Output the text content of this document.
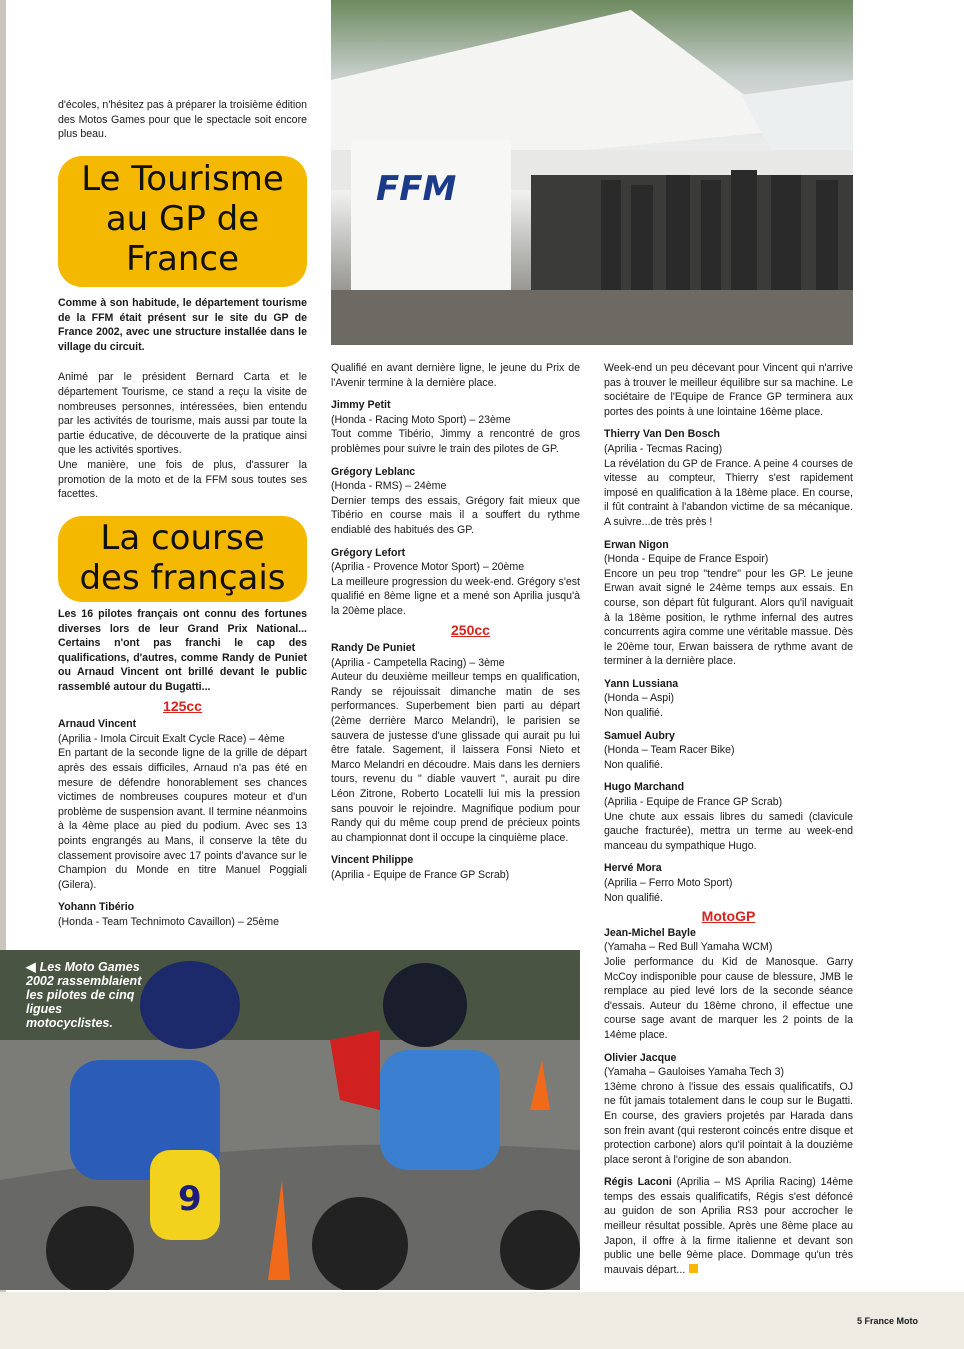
FFM

d'écoles, n'hésitez pas à préparer la troisième édition des Motos Games pour que le spectacle soit encore plus beau.

Le Tourisme
au GP de
France

Comme à son habitude, le département tourisme de la FFM était présent sur le site du GP de France 2002, avec une structure installée dans le village du circuit.

Animé par le président Bernard Carta et le département Tourisme, ce stand a reçu la visite de nombreuses personnes, intéressées, bien entendu par les activités de tourisme, mais aussi par toute la partie éducative, de découverte de la pratique ainsi que les activités sportives.

Une manière, une fois de plus, d'assurer la promotion de la moto et de la FFM sous toutes ses facettes.

La course
des français

Les 16 pilotes français ont connu des fortunes diverses lors de leur Grand Prix National... Certains n'ont pas franchi le cap des qualifications, d'autres, comme Randy de Puniet ou Arnaud Vincent ont brillé devant le public rassemblé autour du Bugatti...

125cc

Arnaud Vincent
(Aprilia - Imola Circuit Exalt Cycle Race) – 4ème
En partant de la seconde ligne de la grille de départ après des essais difficiles, Arnaud n'a pas été en mesure de défendre honorablement ses chances victimes de nombreuses coupures moteur et d'un problème de suspension avant. Il termine néanmoins à la 4ème place au pied du podium. Avec ses 13 points engrangés au Mans, il conserve la tête du classement provisoire avec 17 points d'avance sur le Champion du Monde en titre Manuel Poggiali (Gilera).

Yohann Tibério
(Honda - Team Technimoto Cavaillon) – 25ème

Qualifié en avant dernière ligne, le jeune du Prix de l'Avenir termine à la dernière place.

Jimmy Petit
(Honda - Racing Moto Sport) – 23ème
Tout comme Tibério, Jimmy a rencontré de gros problèmes pour suivre le train des pilotes de GP.

Grégory Leblanc
(Honda - RMS) – 24ème
Dernier temps des essais, Grégory fait mieux que Tibério en course mais il a souffert du rythme endiablé des habitués des GP.

Grégory Lefort
(Aprilia - Provence Motor Sport) – 20ème
La meilleure progression du week-end. Grégory s'est qualifié en 8ème ligne et a mené son Aprilia jusqu'à la 20ème place.

250cc

Randy De Puniet
(Aprilia - Campetella Racing) – 3ème
Auteur du deuxième meilleur temps en qualification, Randy se réjouissait dimanche matin de ses performances. Superbement bien parti au départ (2ème derrière Marco Melandri), le parisien se sauvera de justesse d'une glissade qui aurait pu lui être fatale. Sagement, il laissera Fonsi Nieto et Marco Melandri en découdre. Mais dans les derniers tours, revenu du " diable vauvert ", aurait pu dire Léon Zitrone, Roberto Locatelli lui mis la pression sans pouvoir le rejoindre. Magnifique podium pour Randy qui du même coup prend de précieux points au championnat dont il occupe la cinquième place.

Vincent Philippe
(Aprilia - Equipe de France GP Scrab)

Week-end un peu décevant pour Vincent qui n'arrive pas à trouver le meilleur équilibre sur sa machine. Le sociétaire de l'Equipe de France GP terminera aux portes des points à une lointaine 16ème place.

Thierry Van Den Bosch
(Aprilia - Tecmas Racing)
La révélation du GP de France. A peine 4 courses de vitesse au compteur, Thierry s'est rapidement imposé en qualification à la 18ème place. En course, il fût contraint à l'abandon victime de sa mécanique. A suivre...de très près !

Erwan Nigon
(Honda - Equipe de France Espoir)
Encore un peu trop "tendre" pour les GP. Le jeune Erwan avait signé le 24ème temps aux essais. En course, son départ fût fulgurant. Alors qu'il naviguait à la 18ème position, le rythme infernal des autres concurrents agira comme une véritable massue. Dès le 20ème tour, Erwan baissera de rythme avant de terminer à la dernière place.

Yann Lussiana
(Honda – Aspi)
Non qualifié.

Samuel Aubry
(Honda – Team Racer Bike)
Non qualifié.

Hugo Marchand
(Aprilia - Equipe de France GP Scrab)
Une chute aux essais libres du samedi (clavicule gauche fracturée), mettra un terme au week-end manceau du sympathique Hugo.

Hervé Mora
(Aprilia – Ferro Moto Sport)
Non qualifié.

MotoGP

Jean-Michel Bayle
(Yamaha – Red Bull Yamaha WCM)
Jolie performance du Kid de Manosque. Garry McCoy indisponible pour cause de blessure, JMB le remplace au pied levé lors de la seconde séance d'essais. Auteur du 18ème chrono, il effectue une course sage avant de marquer les 2 points de la 14ème place.

Olivier Jacque
(Yamaha – Gauloises Yamaha Tech 3)
13ème chrono à l'issue des essais qualificatifs, OJ ne fût jamais totalement dans le coup sur le Bugatti. En course, des graviers projetés par Harada dans son frein avant (qui resteront coincés entre disque et protection carbone) alors qu'il pointait à la douzième place seront à l'origine de son abandon.

Régis Laconi (Aprilia – MS Aprilia Racing) 14ème temps des essais qualificatifs, Régis s'est défoncé au guidon de son Aprilia RS3 pour accrocher le meilleur résultat possible. Après une 8ème place au Japon, il offre à la firme italienne et devant son public une belle 9ème place. Dommage qu'un très mauvais départ...

9
◀ Les Moto Games 2002 rassemblaient les pilotes de cinq ligues motocyclistes.
5 France Moto
